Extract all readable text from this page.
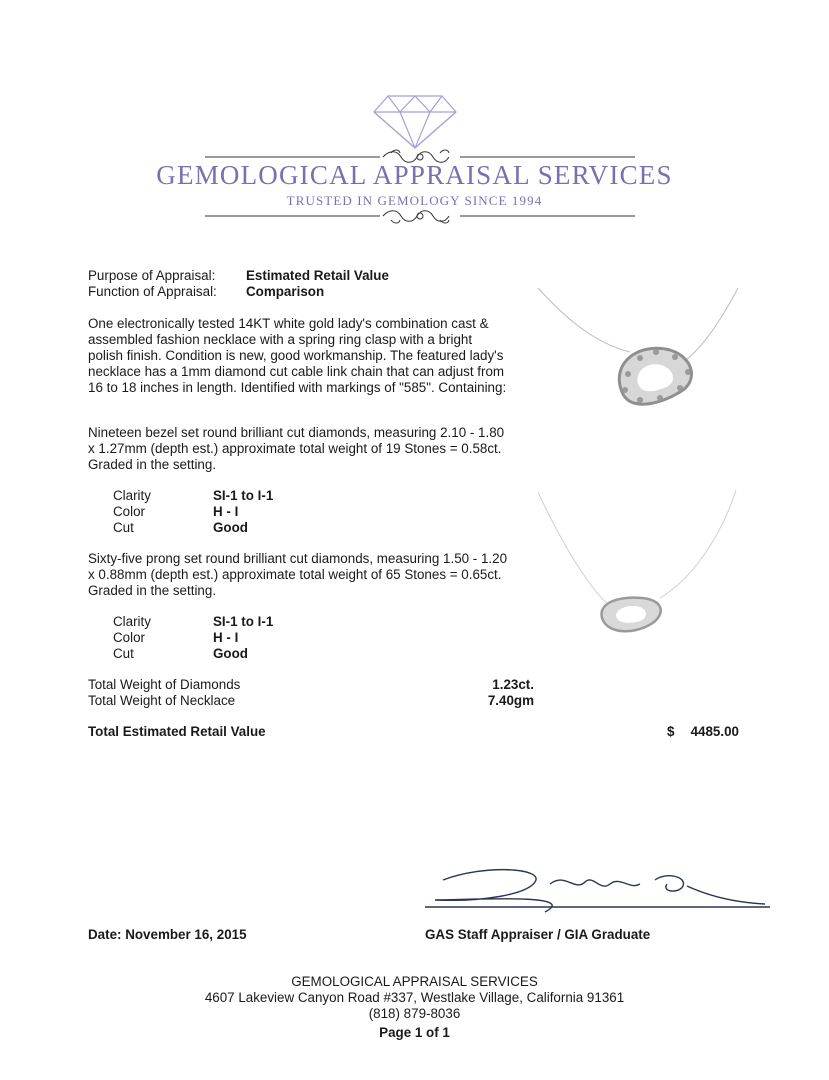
GEMOLOGICAL APPRAISAL SERVICES
TRUSTED IN GEMOLOGY SINCE 1994
Purpose of Appraisal: Estimated Retail Value
Function of Appraisal: Comparison
One electronically tested 14KT white gold lady's combination cast & assembled fashion necklace with a spring ring clasp with a bright polish finish. Condition is new, good workmanship. The featured lady's necklace has a 1mm diamond cut cable link chain that can adjust from 16 to 18 inches in length. Identified with markings of "585". Containing:
Nineteen bezel set round brilliant cut diamonds, measuring 2.10 - 1.80 x 1.27mm (depth est.) approximate total weight of 19 Stones = 0.58ct. Graded in the setting.
Clarity	SI-1 to I-1
Color	H - I
Cut	Good
Sixty-five prong set round brilliant cut diamonds, measuring 1.50 - 1.20 x 0.88mm (depth est.) approximate total weight of 65 Stones = 0.65ct. Graded in the setting.
Clarity	SI-1 to I-1
Color	H - I
Cut	Good
Total Weight of Diamonds	1.23ct.
Total Weight of Necklace	7.40gm
Total Estimated Retail Value	$	4485.00
Date: November 16, 2015	GAS Staff Appraiser / GIA Graduate
GEMOLOGICAL APPRAISAL SERVICES
4607 Lakeview Canyon Road #337, Westlake Village, California 91361
(818) 879-8036
Page 1 of 1
